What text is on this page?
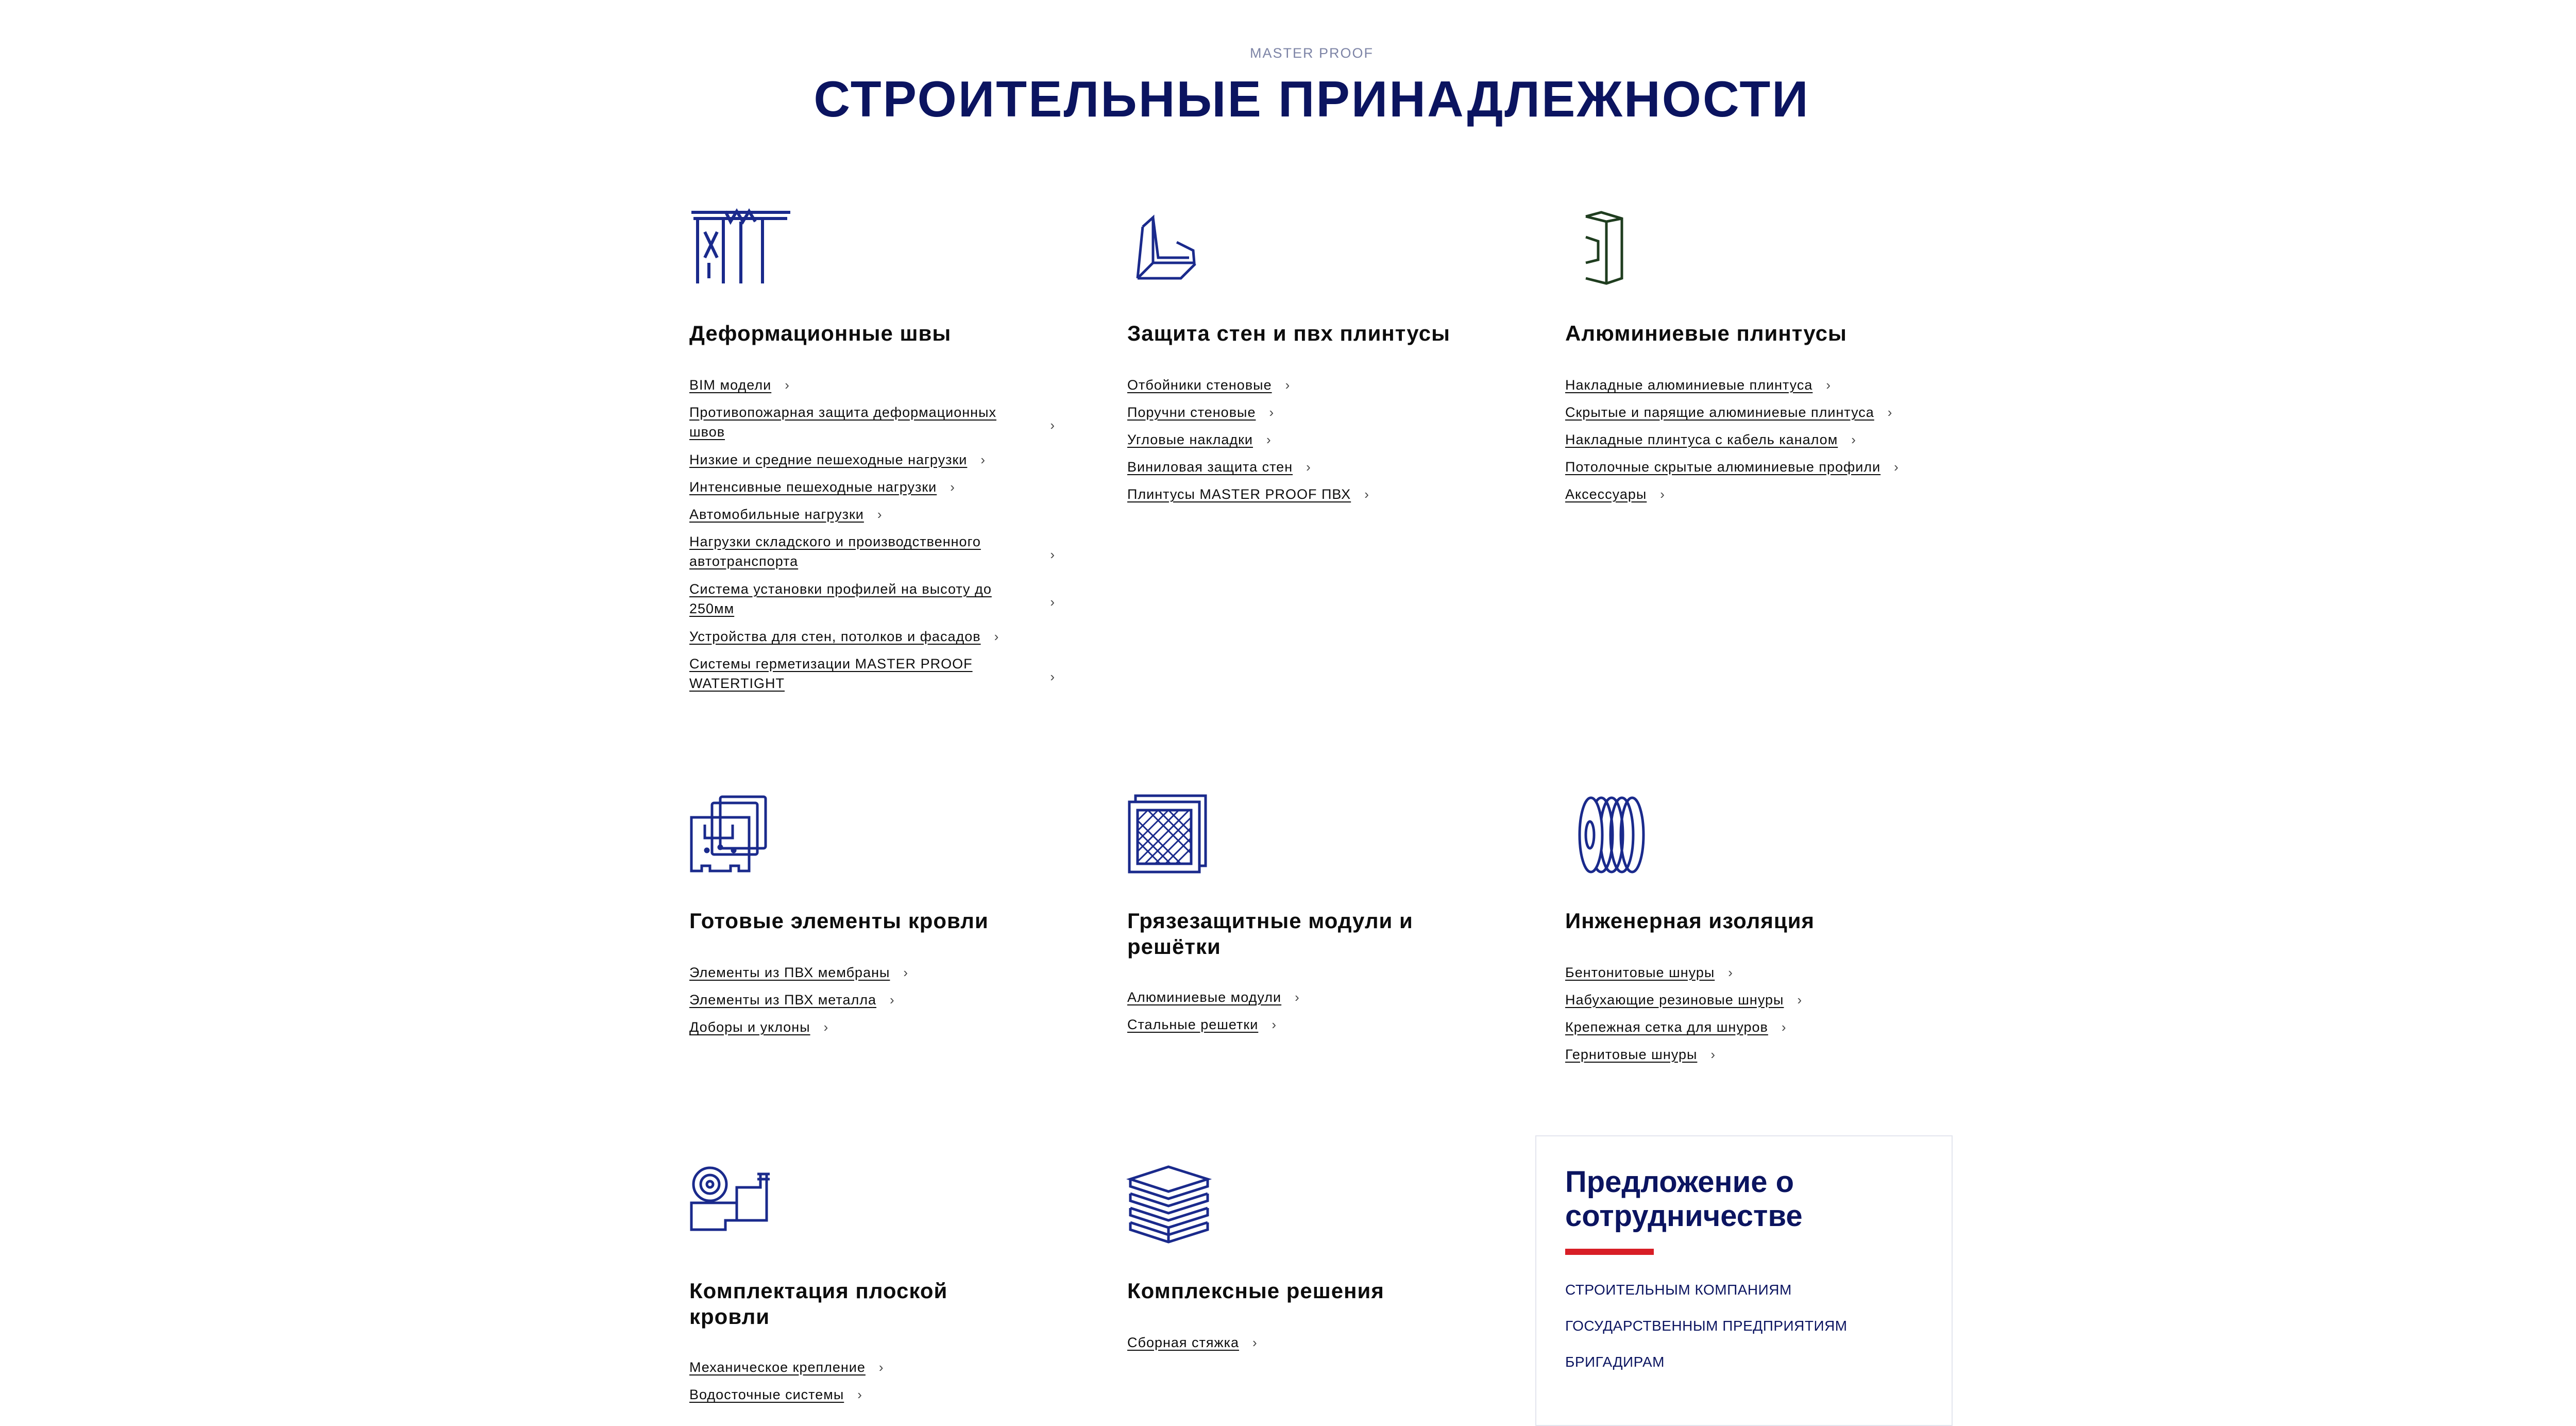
MASTER PROOF
СТРОИТЕЛЬНЫЕ ПРИНАДЛЕЖНОСТИ
Деформационные швы
BIM модели ›
Противопожарная защита деформационных швов	›
Низкие и средние пешеходные нагрузки ›
Интенсивные пешеходные нагрузки ›
Автомобильные нагрузки ›
Нагрузки складского и производственного автотранспорта	›
Система установки профилей на высоту до 250мм	›
Устройства для стен, потолков и фасадов ›
Системы герметизации MASTER PROOF WATERTIGHT	›
Защита стен и пвх плинтусы
Отбойники стеновые ›
Поручни стеновые ›
Угловые накладки ›
Виниловая защита стен ›
Плинтусы MASTER PROOF ПВХ ›
Алюминиевые плинтусы
Накладные алюминиевые плинтуса ›
Скрытые и парящие алюминиевые плинтуса ›
Накладные плинтуса с кабель каналом ›
Потолочные скрытые алюминиевые профили ›
Аксессуары ›
Готовые элементы кровли
Элементы из ПВХ мембраны ›
Элементы из ПВХ металла ›
Доборы и уклоны ›
Грязезащитные модули и решётки
Алюминиевые модули ›
Стальные решетки ›
Инженерная изоляция
Бентонитовые шнуры ›
Набухающие резиновые шнуры ›
Крепежная сетка для шнуров ›
Гернитовые шнуры ›
Комплектация плоской кровли
Механическое крепление ›
Водосточные системы ›
Комплексные решения
Сборная стяжка ›
Предложение о сотрудничестве
СТРОИТЕЛЬНЫМ КОМПАНИЯМ
ГОСУДАРСТВЕННЫМ ПРЕДПРИЯТИЯМ
БРИГАДИРАМ
